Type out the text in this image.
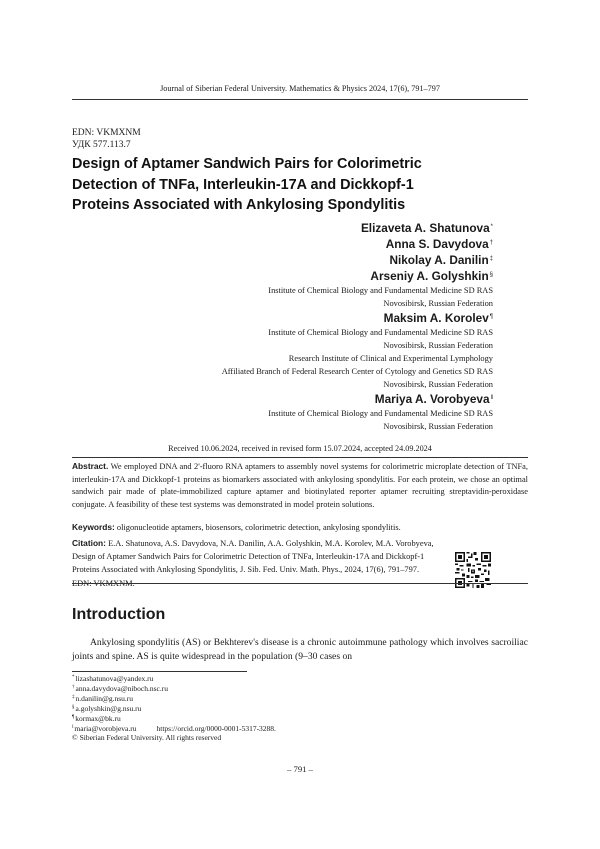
Journal of Siberian Federal University. Mathematics & Physics 2024, 17(6), 791–797
EDN: VKMXNM
УДК 577.113.7
Design of Aptamer Sandwich Pairs for Colorimetric
Detection of TNFa, Interleukin-17A and Dickkopf-1
Proteins Associated with Ankylosing Spondylitis
Elizaveta A. Shatunova*
Anna S. Davydova†
Nikolay A. Danilin‡
Arseniy A. Golyshkin§
Institute of Chemical Biology and Fundamental Medicine SD RAS
Novosibirsk, Russian Federation
Maksim A. Korolev¶
Institute of Chemical Biology and Fundamental Medicine SD RAS
Novosibirsk, Russian Federation
Research Institute of Clinical and Experimental Lymphology
Affiliated Branch of Federal Research Center of Cytology and Genetics SD RAS
Novosibirsk, Russian Federation
Mariya A. Vorobyeva‖
Institute of Chemical Biology and Fundamental Medicine SD RAS
Novosibirsk, Russian Federation
Received 10.06.2024, received in revised form 15.07.2024, accepted 24.09.2024
Abstract. We employed DNA and 2'-fluoro RNA aptamers to assembly novel systems for colorimetric microplate detection of TNFa, interleukin-17A and Dickkopf-1 proteins as biomarkers associated with ankylosing spondylitis. For each protein, we chose an optimal sandwich pair made of plate-immobilized capture aptamer and biotinylated reporter aptamer recruiting streptavidin-peroxidase conjugate. A feasibility of these test systems was demonstrated in model protein solutions.
Keywords: oligonucleotide aptamers, biosensors, colorimetric detection, ankylosing spondylitis.
Citation: E.A. Shatunova, A.S. Davydova, N.A. Danilin, A.A. Golyshkin, M.A. Korolev, M.A. Vorobyeva, Design of Aptamer Sandwich Pairs for Colorimetric Detection of TNFa, Interleukin-17A and Dickkopf-1 Proteins Associated with Ankylosing Spondylitis, J. Sib. Fed. Univ. Math. Phys., 2024, 17(6), 791–797. EDN: VKMXNM.
Introduction
Ankylosing spondylitis (AS) or Bekhterev's disease is a chronic autoimmune pathology which involves sacroiliac joints and spine. AS is quite widespread in the population (9–30 cases on
*lizashatunova@yandex.ru
†anna.davydova@niboch.nsc.ru
‡n.danilin@g.nsu.ru
§a.golyshkin@g.nsu.ru
¶kormax@bk.ru
‖maria@vorobjeva.ru	https://orcid.org/0000-0001-5317-3288.
© Siberian Federal University. All rights reserved
– 791 –
